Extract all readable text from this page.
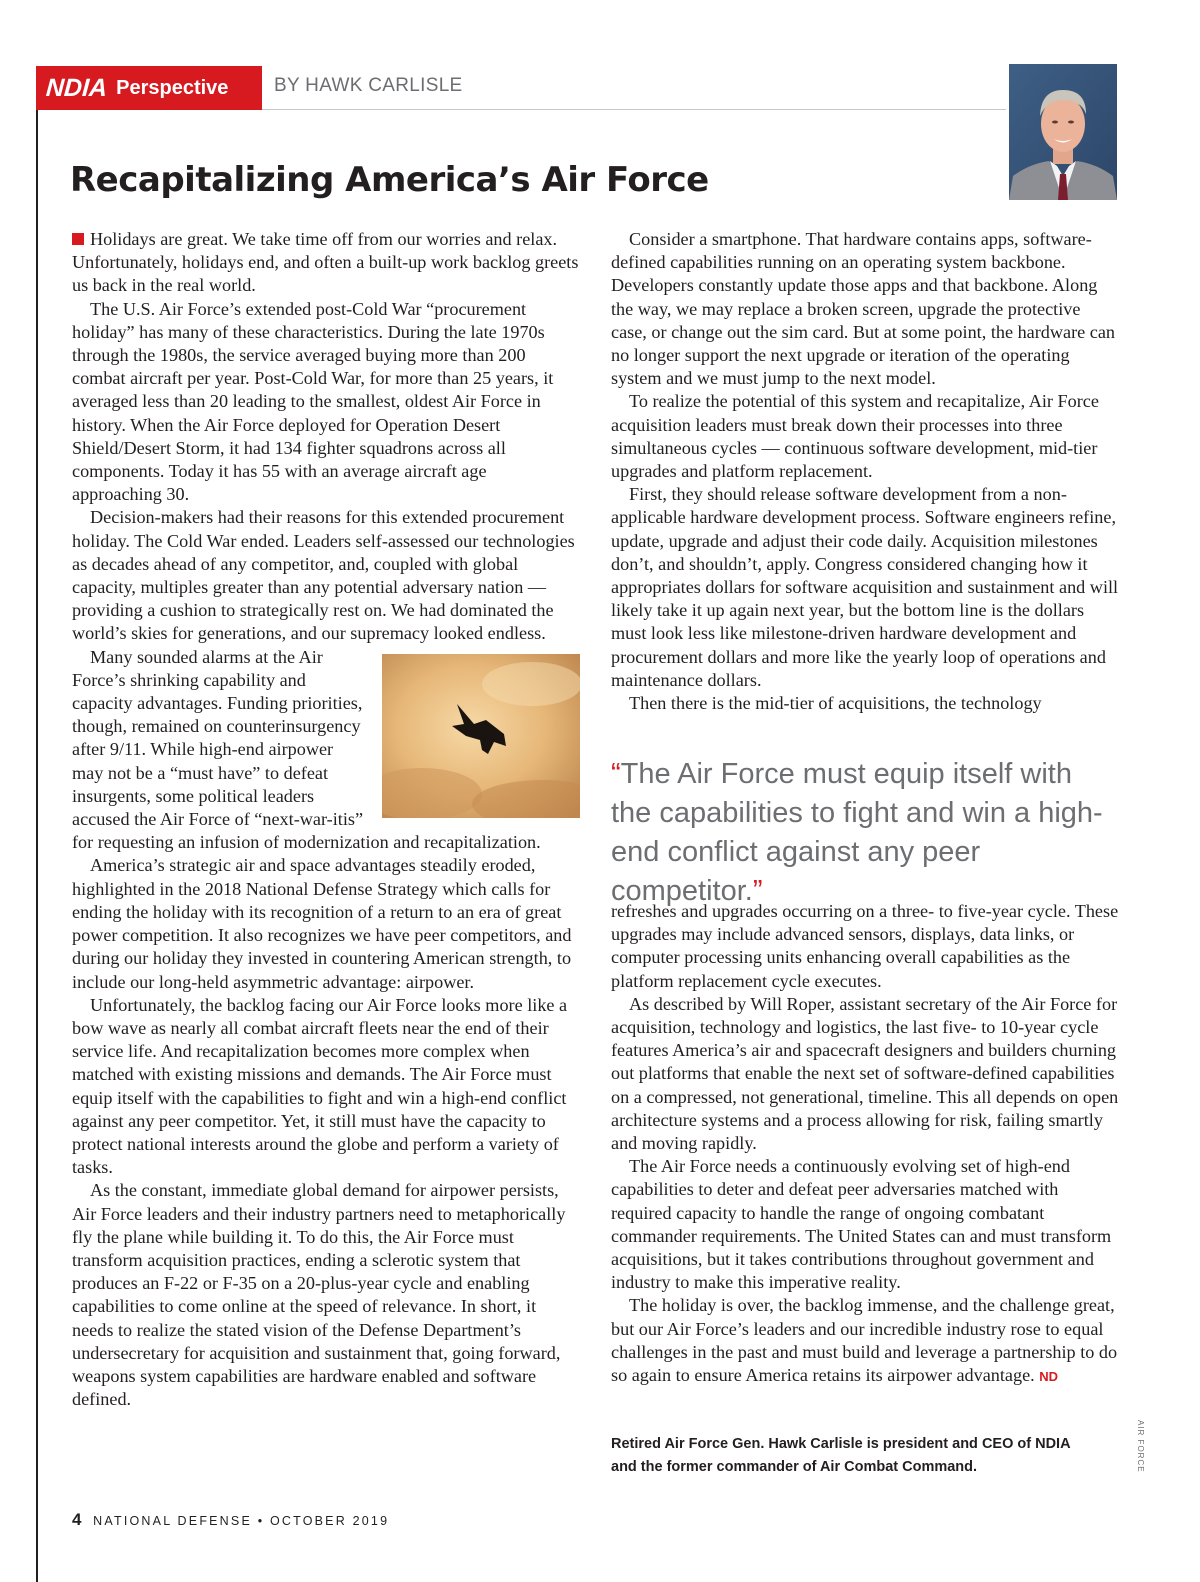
NDIA Perspective BY HAWK CARLISLE
Recapitalizing America’s Air Force

Holidays are great. We take time off from our worries and relax. Unfortunately, holidays end, and often a built-up work backlog greets us back in the real world.

The U.S. Air Force’s extended post-Cold War “procurement holiday” has many of these characteristics. During the late 1970s through the 1980s, the service averaged buying more than 200 combat aircraft per year. Post-Cold War, for more than 25 years, it averaged less than 20 leading to the smallest, oldest Air Force in history. When the Air Force deployed for Operation Desert Shield/Desert Storm, it had 134 fighter squadrons across all components. Today it has 55 with an average aircraft age approaching 30.

Decision-makers had their reasons for this extended procurement holiday. The Cold War ended. Leaders self-assessed our technologies as decades ahead of any competitor, and, coupled with global capacity, multiples greater than any potential adversary nation — providing a cushion to strategically rest on. We had dominated the world’s skies for generations, and our supremacy looked endless.

Many sounded alarms at the Air Force’s shrinking capability and capacity advantages. Funding priorities, though, remained on counterinsurgency after 9/11. While high-end airpower may not be a “must have” to defeat insurgents, some political leaders accused the Air Force of “next-war-itis” for requesting an infusion of modernization and recapitalization.

America’s strategic air and space advantages steadily eroded, highlighted in the 2018 National Defense Strategy which calls for ending the holiday with its recognition of a return to an era of great power competition. It also recognizes we have peer competitors, and during our holiday they invested in countering American strength, to include our long-held asymmetric advantage: airpower.

Unfortunately, the backlog facing our Air Force looks more like a bow wave as nearly all combat aircraft fleets near the end of their service life. And recapitalization becomes more complex when matched with existing missions and demands. The Air Force must equip itself with the capabilities to fight and win a high-end conflict against any peer competitor. Yet, it still must have the capacity to protect national interests around the globe and perform a variety of tasks.

As the constant, immediate global demand for airpower persists, Air Force leaders and their industry partners need to metaphorically fly the plane while building it. To do this, the Air Force must transform acquisition practices, ending a sclerotic system that produces an F-22 or F-35 on a 20-plus-year cycle and enabling capabilities to come online at the speed of relevance. In short, it needs to realize the stated vision of the Defense Department’s undersecretary for acquisition and sustainment that, going forward, weapons system capabilities are hardware enabled and software defined.

Consider a smartphone. That hardware contains apps, software-defined capabilities running on an operating system backbone. Developers constantly update those apps and that backbone. Along the way, we may replace a broken screen, upgrade the protective case, or change out the sim card. But at some point, the hardware can no longer support the next upgrade or iteration of the operating system and we must jump to the next model.

To realize the potential of this system and recapitalize, Air Force acquisition leaders must break down their processes into three simultaneous cycles — continuous software development, mid-tier upgrades and platform replacement.

First, they should release software development from a non-applicable hardware development process. Software engineers refine, update, upgrade and adjust their code daily. Acquisition milestones don’t, and shouldn’t, apply. Congress considered changing how it appropriates dollars for software acquisition and sustainment and will likely take it up again next year, but the bottom line is the dollars must look less like milestone-driven hardware development and procurement dollars and more like the yearly loop of operations and maintenance dollars.

Then there is the mid-tier of acquisitions, the technology

“The Air Force must equip itself with the capabilities to fight and win a high-end conflict against any peer competitor.”

refreshes and upgrades occurring on a three- to five-year cycle. These upgrades may include advanced sensors, displays, data links, or computer processing units enhancing overall capabilities as the platform replacement cycle executes.

As described by Will Roper, assistant secretary of the Air Force for acquisition, technology and logistics, the last five- to 10-year cycle features America’s air and spacecraft designers and builders churning out platforms that enable the next set of software-defined capabilities on a compressed, not generational, timeline. This all depends on open architecture systems and a process allowing for risk, failing smartly and moving rapidly.

The Air Force needs a continuously evolving set of high-end capabilities to deter and defeat peer adversaries matched with required capacity to handle the range of ongoing combatant commander requirements. The United States can and must transform acquisitions, but it takes contributions throughout government and industry to make this imperative reality.

The holiday is over, the backlog immense, and the challenge great, but our Air Force’s leaders and our incredible industry rose to equal challenges in the past and must build and leverage a partnership to do so again to ensure America retains its airpower advantage. ND

Retired Air Force Gen. Hawk Carlisle is president and CEO of NDIA and the former commander of Air Combat Command.
4 NATIONAL DEFENSE • OCTOBER 2019
AIR FORCE
